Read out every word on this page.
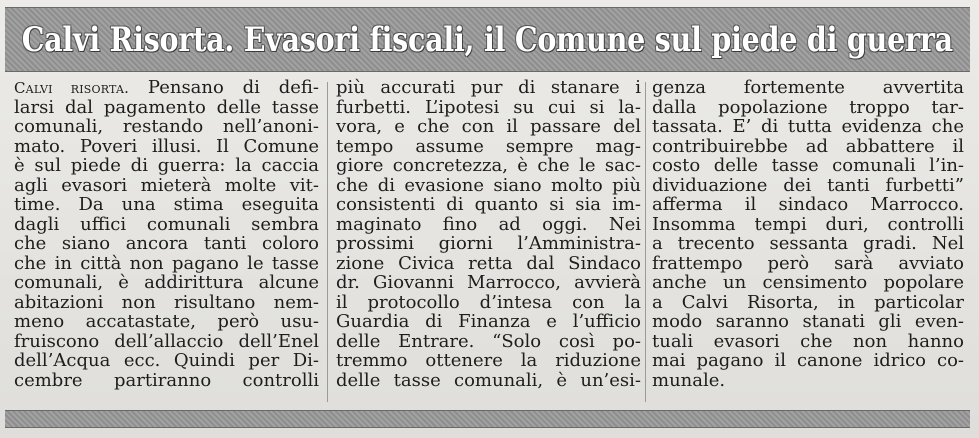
Calvi Risorta. Evasori fiscali, il Comune sul piede di guerra
Calvi risorta. Pensano di defi-
larsi dal pagamento delle tasse
comunali, restando nell’anoni-
mato. Poveri illusi. Il Comune
è sul piede di guerra: la caccia
agli evasori mieterà molte vit-
time. Da una stima eseguita
dagli uffici comunali sembra
che siano ancora tanti coloro
che in città non pagano le tasse
comunali, è addirittura alcune
abitazioni non risultano nem-
meno accatastate, però usu-
fruiscono dell’allaccio dell’Enel
dell’Acqua ecc. Quindi per Di-
cembre partiranno controlli
più accurati pur di stanare i
furbetti. L’ipotesi su cui si la-
vora, e che con il passare del
tempo assume sempre mag-
giore concretezza, è che le sac-
che di evasione siano molto più
consistenti di quanto si sia im-
maginato fino ad oggi. Nei
prossimi giorni l’Amministra-
zione Civica retta dal Sindaco
dr. Giovanni Marrocco, avvierà
il protocollo d’intesa con la
Guardia di Finanza e l’ufficio
delle Entrare. “Solo così po-
tremmo ottenere la riduzione
delle tasse comunali, è un’esi-
genza fortemente avvertita
dalla popolazione troppo tar-
tassata. E’ di tutta evidenza che
contribuirebbe ad abbattere il
costo delle tasse comunali l’in-
dividuazione dei tanti furbetti”
afferma il sindaco Marrocco.
Insomma tempi duri, controlli
a trecento sessanta gradi. Nel
frattempo però sarà avviato
anche un censimento popolare
a Calvi Risorta, in particolar
modo saranno stanati gli even-
tuali evasori che non hanno
mai pagano il canone idrico co-
munale.
